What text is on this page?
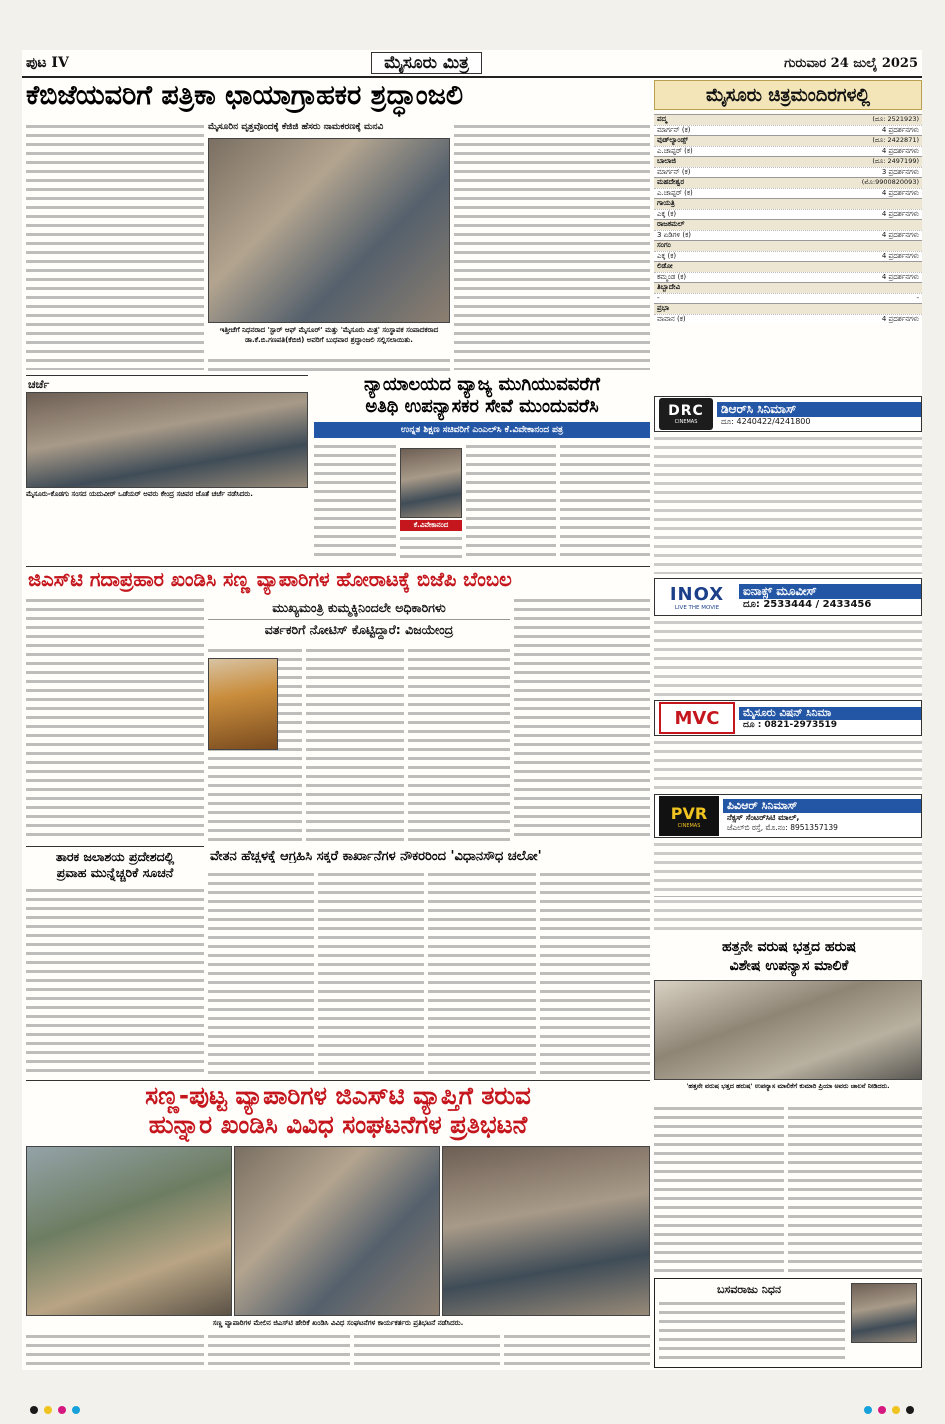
ಪುಟ IV	ಮೈಸೂರು ಮಿತ್ರ	ಗುರುವಾರ 24 ಜುಲೈ 2025
ಕೆಬಿಜೆಯವರಿಗೆ ಪತ್ರಿಕಾ ಛಾಯಾಗ್ರಾಹಕರ ಶ್ರದ್ಧಾಂಜಲಿ
ಮೈಸೂರಿನ ವೃತ್ತವೊಂದಕ್ಕೆ ಕೆಜಿಜಿ ಹೆಸರು ನಾಮಕರಣಕ್ಕೆ ಮನವಿ
ಇತ್ತೀಚೆಗೆ ನಿಧನರಾದ 'ಸ್ಟಾರ್ ಆಫ್ ಮೈಸೂರ್' ಮತ್ತು 'ಮೈಸೂರು ಮಿತ್ರ' ಸಂಸ್ಥಾಪಕ ಸಂಪಾದಕರಾದ ಡಾ.ಕೆ.ಬಿ.ಗಣಪತಿ(ಕೆಬಿಜಿ) ಅವರಿಗೆ ಬುಧವಾರ ಶ್ರದ್ಧಾಂಜಲಿ ಸಲ್ಲಿಸಲಾಯಿತು.
ಚರ್ಚೆ
ಮೈಸೂರು-ಕೊಡಗು ಸಂಸದ ಯದುವೀರ್ ಒಡೆಯರ್ ಅವರು ಕೇಂದ್ರ ಸಚಿವರ ಜೊತೆ ಚರ್ಚೆ ನಡೆಸಿದರು.
ನ್ಯಾಯಾಲಯದ ವ್ಯಾಜ್ಯ ಮುಗಿಯುವವರೆಗೆ
ಅತಿಥಿ ಉಪನ್ಯಾಸಕರ ಸೇವೆ ಮುಂದುವರೆಸಿ
ಉನ್ನತ ಶಿಕ್ಷಣ ಸಚಿವರಿಗೆ ಎಂಎಲ್‌ಸಿ ಕೆ.ವಿವೇಕಾನಂದ ಪತ್ರ
ಕೆ.ವಿವೇಕಾನಂದ
ಜಿಎಸ್‌ಟಿ ಗದಾಪ್ರಹಾರ ಖಂಡಿಸಿ ಸಣ್ಣ ವ್ಯಾಪಾರಿಗಳ ಹೋರಾಟಕ್ಕೆ ಬಿಜೆಪಿ ಬೆಂಬಲ
ಮುಖ್ಯಮಂತ್ರಿ ಕುಮ್ಮಕ್ಕಿನಿಂದಲೇ ಅಧಿಕಾರಿಗಳು
ವರ್ತಕರಿಗೆ ನೋಟಿಸ್ ಕೊಟ್ಟಿದ್ದಾರೆ: ವಿಜಯೇಂದ್ರ
ತಾರಕ ಜಲಾಶಯ ಪ್ರದೇಶದಲ್ಲಿ
ಪ್ರವಾಹ ಮುನ್ನೆಚ್ಚರಿಕೆ ಸೂಚನೆ
ವೇತನ ಹೆಚ್ಚಳಕ್ಕೆ ಆಗ್ರಹಿಸಿ ಸಕ್ಕರೆ ಕಾರ್ಖಾನೆಗಳ ನೌಕರರಿಂದ 'ವಿಧಾನಸೌಧ ಚಲೋ'
ಸಣ್ಣ-ಪುಟ್ಟ ವ್ಯಾಪಾರಿಗಳ ಜಿಎಸ್‌ಟಿ ವ್ಯಾಪ್ತಿಗೆ ತರುವ
ಹುನ್ನಾರ ಖಂಡಿಸಿ ವಿವಿಧ ಸಂಘಟನೆಗಳ ಪ್ರತಿಭಟನೆ
ಸಣ್ಣ ವ್ಯಾಪಾರಿಗಳ ಮೇಲಿನ ಜಿಎಸ್‌ಟಿ ಹೇರಿಕೆ ಖಂಡಿಸಿ ವಿವಿಧ ಸಂಘಟನೆಗಳ ಕಾರ್ಯಕರ್ತರು ಪ್ರತಿಭಟನೆ ನಡೆಸಿದರು.
ಮೈಸೂರು ಚಿತ್ರಮಂದಿರಗಳಲ್ಲಿ
ಪದ್ಮ	(ದೂ: 2521923)
ಮಾರ್ಗನ್ (ಕ)	4 ಪ್ರದರ್ಶನಗಳು
ವುಡ್‌ಲ್ಯಾಂಡ್ಸ್	(ದೂ: 2422871)
ಎ.ಚಾಪ್ಟರ್ (ಕ)	4 ಪ್ರದರ್ಶನಗಳು
ಬಾಲಾಜಿ	(ದೂ: 2497199)
ಮಾರ್ಗನ್ (ಕ)	3 ಪ್ರದರ್ಶನಗಳು
ಮಹದೇಶ್ವರ	(ಮೊ:9900820093)
ಎ.ಚಾಪ್ಟರ್ (ಕ)	4 ಪ್ರದರ್ಶನಗಳು
ಗಾಯತ್ರಿ
ಎಕ್ಕ (ಕ)	4 ಪ್ರದರ್ಶನಗಳು
ರಾಜಕಮಲ್
3 ಏಡಿಗಳಿ (ಕ)	4 ಪ್ರದರ್ಶನಗಳು
ಸಂಗಂ
ಎಕ್ಕ (ಕ)	4 ಪ್ರದರ್ಶನಗಳು
ಲಿಡೋ
ಕಮ್ಮಂಡ (ಕ)	4 ಪ್ರದರ್ಶನಗಳು
ತಿಬ್ಬಾದೇವಿ
-	-
ಪ್ರಭಾ
ವಾವಾನ (ಕ)	4 ಪ್ರದರ್ಶನಗಳು
DRC
CINEMAS
ಡಿಆರ್‌ಸಿ ಸಿನಿಮಾಸ್
ದೂ: 4240422/4241800
INOX
LIVE THE MOVIE
ಐನಾಕ್ಸ್ ಮೂವೀಸ್
ದೂ: 2533444 / 2433456
MVC	ಮೈಸೂರು ವಿಷನ್ ಸಿನಿಮಾ
ದೂ : 0821-2973519
PVR
CINEMAS
ಪಿವಿಆರ್ ಸಿನಿಮಾಸ್
ನೆಕ್ಸಸ್ ಸೆಂಟರ್‌ಸಿಟಿ ಮಾಲ್,
ಜೆಎಲ್‌ಬಿ ರಸ್ತೆ, ಮೊ.ನಂ: 8951357139
ಹತ್ತನೇ ವರುಷ ಭತ್ತದ ಹರುಷ
ವಿಶೇಷ ಉಪನ್ಯಾಸ ಮಾಲಿಕೆ
'ಹತ್ತನೇ ವರುಷ ಭತ್ತದ ಹರುಷ' ಉಪನ್ಯಾಸ ಮಾಲಿಕೆಗೆ ಕುಮಾರಿ ಪ್ರಿಯಾ ಅವರು ಚಾಲನೆ ನೀಡಿದರು.
ಬಸವರಾಜು ನಿಧನ
